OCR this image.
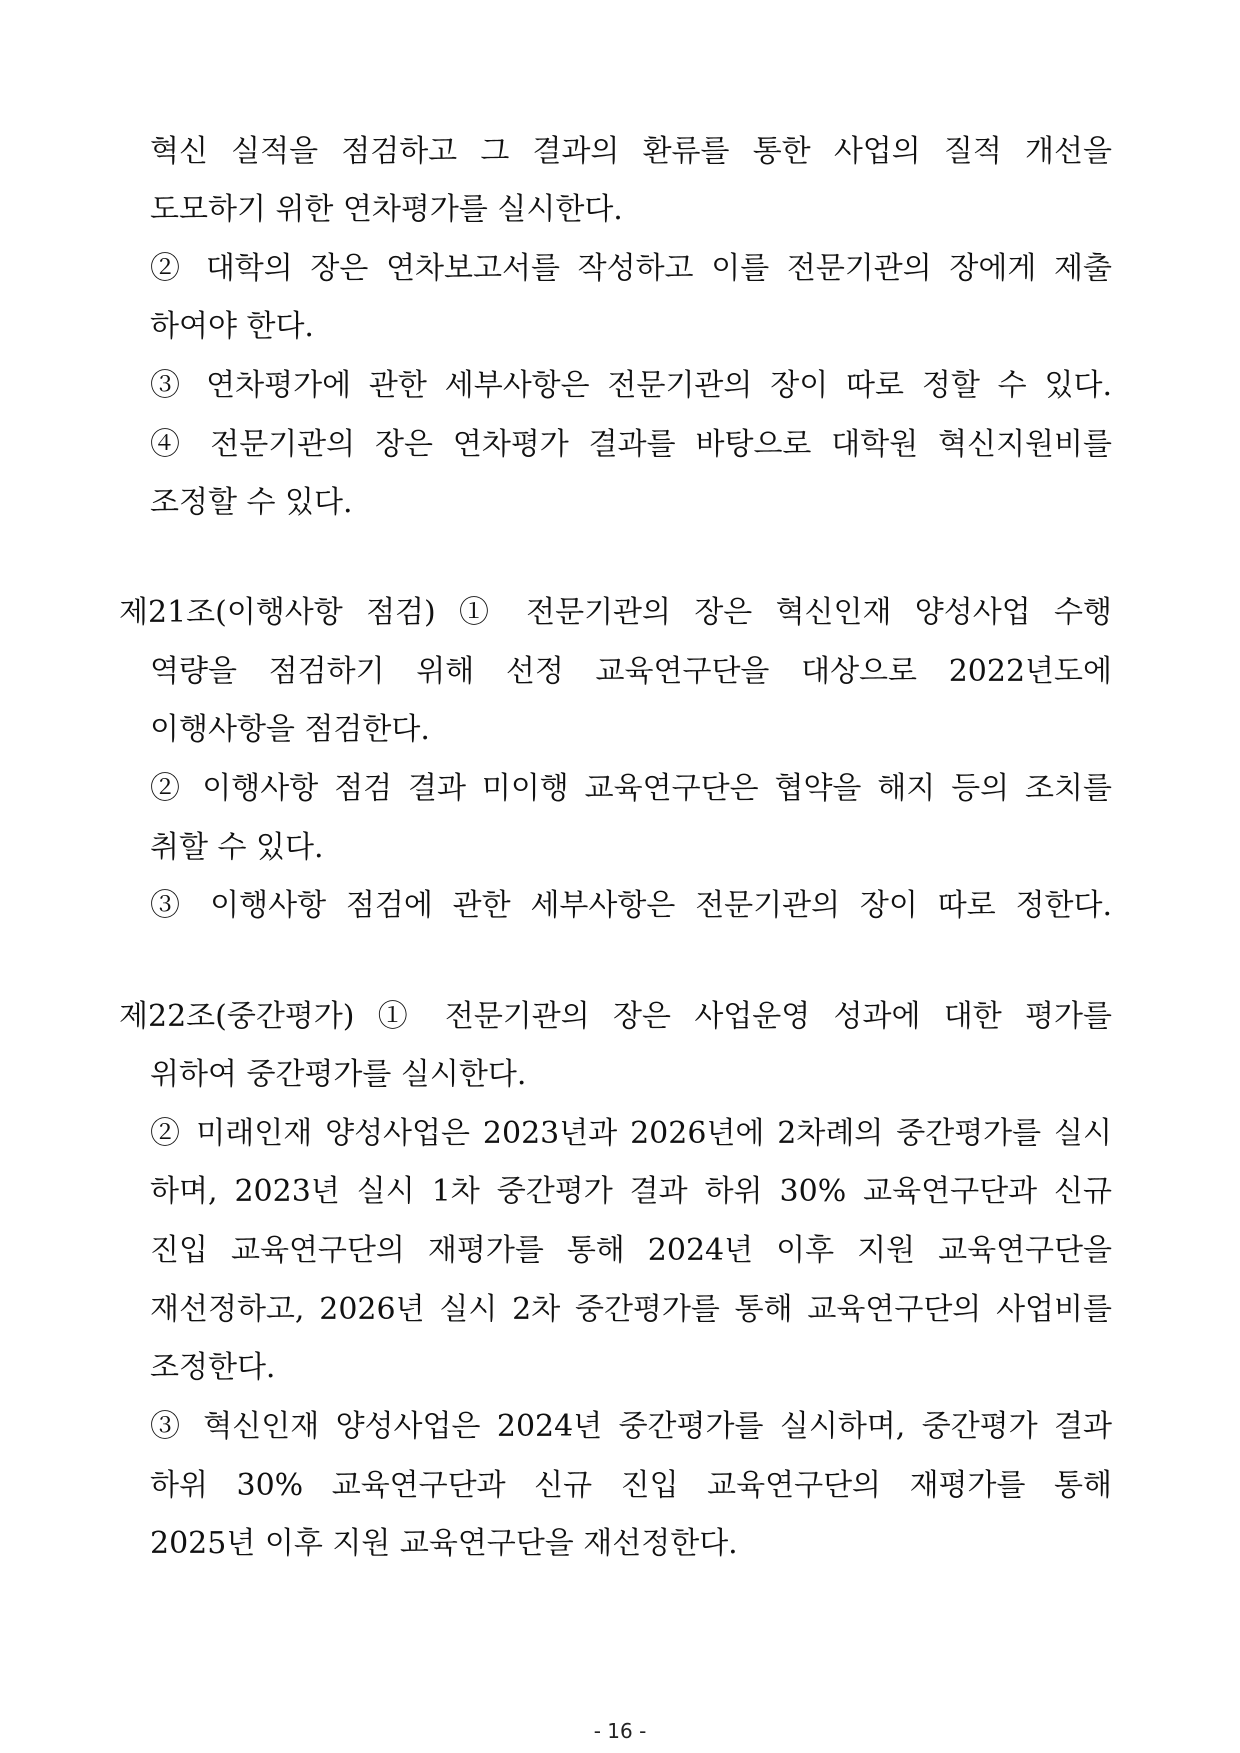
혁신 실적을 점검하고 그 결과의 환류를 통한 사업의 질적 개선을
도모하기 위한 연차평가를 실시한다.
② 대학의 장은 연차보고서를 작성하고 이를 전문기관의 장에게 제출
하여야 한다.
③ 연차평가에 관한 세부사항은 전문기관의 장이 따로 정할 수 있다.
④ 전문기관의 장은 연차평가 결과를 바탕으로 대학원 혁신지원비를
조정할 수 있다.
제21조(이행사항 점검) ① 전문기관의 장은 혁신인재 양성사업 수행
역량을 점검하기 위해 선정 교육연구단을 대상으로 2022년도에
이행사항을 점검한다.
② 이행사항 점검 결과 미이행 교육연구단은 협약을 해지 등의 조치를
취할 수 있다.
③ 이행사항 점검에 관한 세부사항은 전문기관의 장이 따로 정한다.
제22조(중간평가) ① 전문기관의 장은 사업운영 성과에 대한 평가를
위하여 중간평가를 실시한다.
② 미래인재 양성사업은 2023년과 2026년에 2차례의 중간평가를 실시
하며, 2023년 실시 1차 중간평가 결과 하위 30% 교육연구단과 신규
진입 교육연구단의 재평가를 통해 2024년 이후 지원 교육연구단을
재선정하고, 2026년 실시 2차 중간평가를 통해 교육연구단의 사업비를
조정한다.
③ 혁신인재 양성사업은 2024년 중간평가를 실시하며, 중간평가 결과
하위 30% 교육연구단과 신규 진입 교육연구단의 재평가를 통해
2025년 이후 지원 교육연구단을 재선정한다.
- 16 -
